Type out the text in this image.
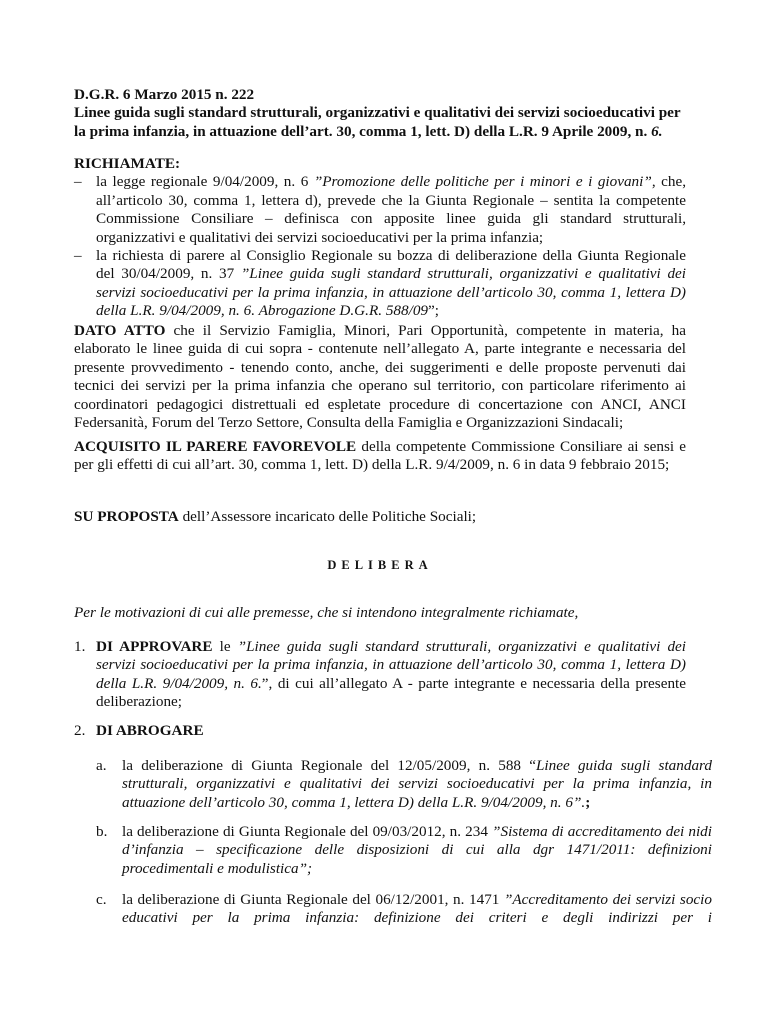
D.G.R. 6 Marzo 2015 n. 222
Linee guida sugli standard strutturali, organizzativi e qualitativi dei servizi socioeducativi per
la prima infanzia, in attuazione dell’art. 30, comma 1, lett. D) della L.R. 9 Aprile 2009, n. 6.
RICHIAMATE:
– la legge regionale 9/04/2009, n. 6 ”Promozione delle politiche per i minori e i giovani”, che, all’articolo 30, comma 1, lettera d), prevede che la Giunta Regionale – sentita la competente Commissione Consiliare – definisca con apposite linee guida gli standard strutturali, organizzativi e qualitativi dei servizi socioeducativi per la prima infanzia;
– la richiesta di parere al Consiglio Regionale su bozza di deliberazione della Giunta Regionale del 30/04/2009, n. 37 ”Linee guida sugli standard strutturali, organizzativi e qualitativi dei servizi socioeducativi per la prima infanzia, in attuazione dell’articolo 30, comma 1, lettera D) della L.R. 9/04/2009, n. 6. Abrogazione D.G.R. 588/09”;
DATO ATTO che il Servizio Famiglia, Minori, Pari Opportunità, competente in materia, ha elaborato le linee guida di cui sopra - contenute nell’allegato A, parte integrante e necessaria del presente provvedimento - tenendo conto, anche, dei suggerimenti e delle proposte pervenuti dai tecnici dei servizi per la prima infanzia che operano sul territorio, con particolare riferimento ai coordinatori pedagogici distrettuali ed espletate procedure di concertazione con ANCI, ANCI Federsanità, Forum del Terzo Settore, Consulta della Famiglia e Organizzazioni Sindacali;
ACQUISITO IL PARERE FAVOREVOLE della competente Commissione Consiliare ai sensi e per gli effetti di cui all’art. 30, comma 1, lett. D) della L.R. 9/4/2009, n. 6 in data 9 febbraio 2015;
SU PROPOSTA dell’Assessore incaricato delle Politiche Sociali;
DELIBERA
Per le motivazioni di cui alle premesse, che si intendono integralmente richiamate,
1. DI APPROVARE le ”Linee guida sugli standard strutturali, organizzativi e qualitativi dei servizi socioeducativi per la prima infanzia, in attuazione dell’articolo 30, comma 1, lettera D) della L.R. 9/04/2009, n. 6.”, di cui all’allegato A - parte integrante e necessaria della presente deliberazione;
2. DI ABROGARE
a. la deliberazione di Giunta Regionale del 12/05/2009, n. 588 “Linee guida sugli standard strutturali, organizzativi e qualitativi dei servizi socioeducativi per la prima infanzia, in attuazione dell’articolo 30, comma 1, lettera D) della L.R. 9/04/2009, n. 6”.;
b. la deliberazione di Giunta Regionale del 09/03/2012, n. 234 ”Sistema di accreditamento dei nidi d’infanzia – specificazione delle disposizioni di cui alla dgr 1471/2011: definizioni procedimentali e modulistica”;
c. la deliberazione di Giunta Regionale del 06/12/2001, n. 1471 ”Accreditamento dei servizi socio educativi per la prima infanzia: definizione dei criteri e degli indirizzi per i
